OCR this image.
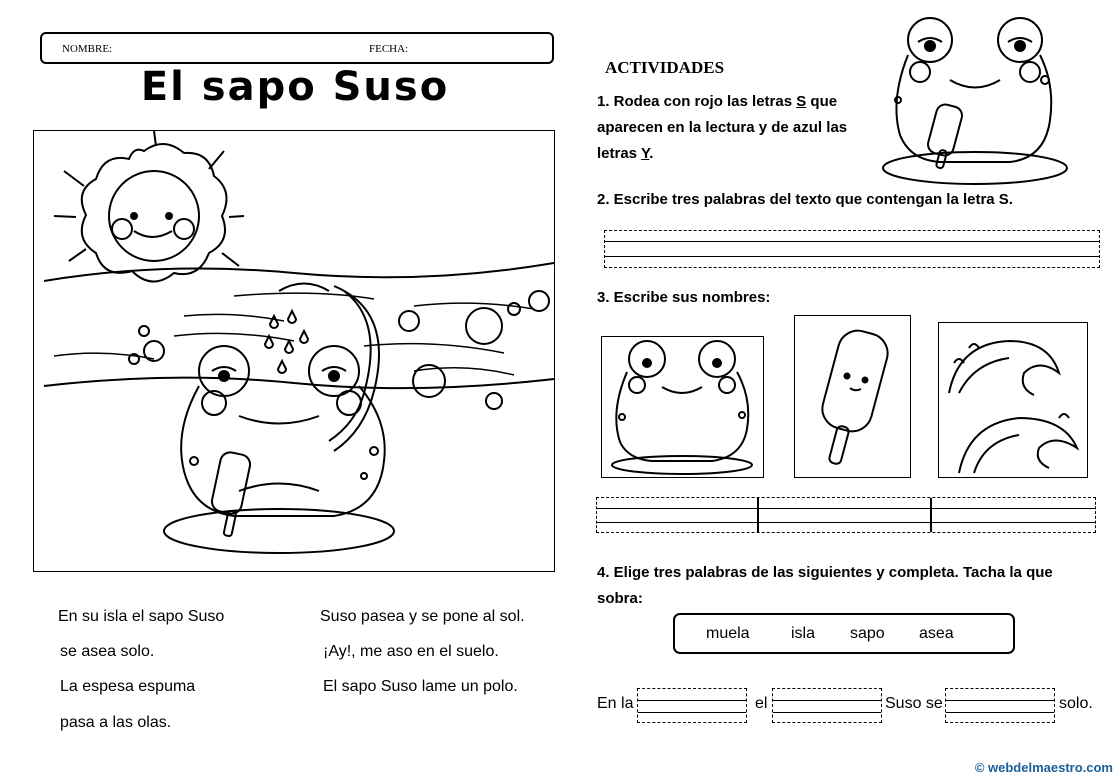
NOMBRE:	FECHA:
El sapo Suso
En su isla el sapo Suso
se asea solo.
La espesa espuma
pasa a las olas.
Suso pasea y se pone al sol.
¡Ay!, me aso en el suelo.
El sapo Suso lame un polo.
ACTIVIDADES
1. Rodea con rojo las letras S que
aparecen en la lectura y de azul las
letras Y.
2. Escribe tres palabras del texto que contengan la letra S.
3. Escribe sus nombres:
4. Elige tres palabras de las siguientes y completa. Tacha la que
sobra:
muela	isla sapo asea
En la	el	Suso se	solo.
© webdelmaestro.com
